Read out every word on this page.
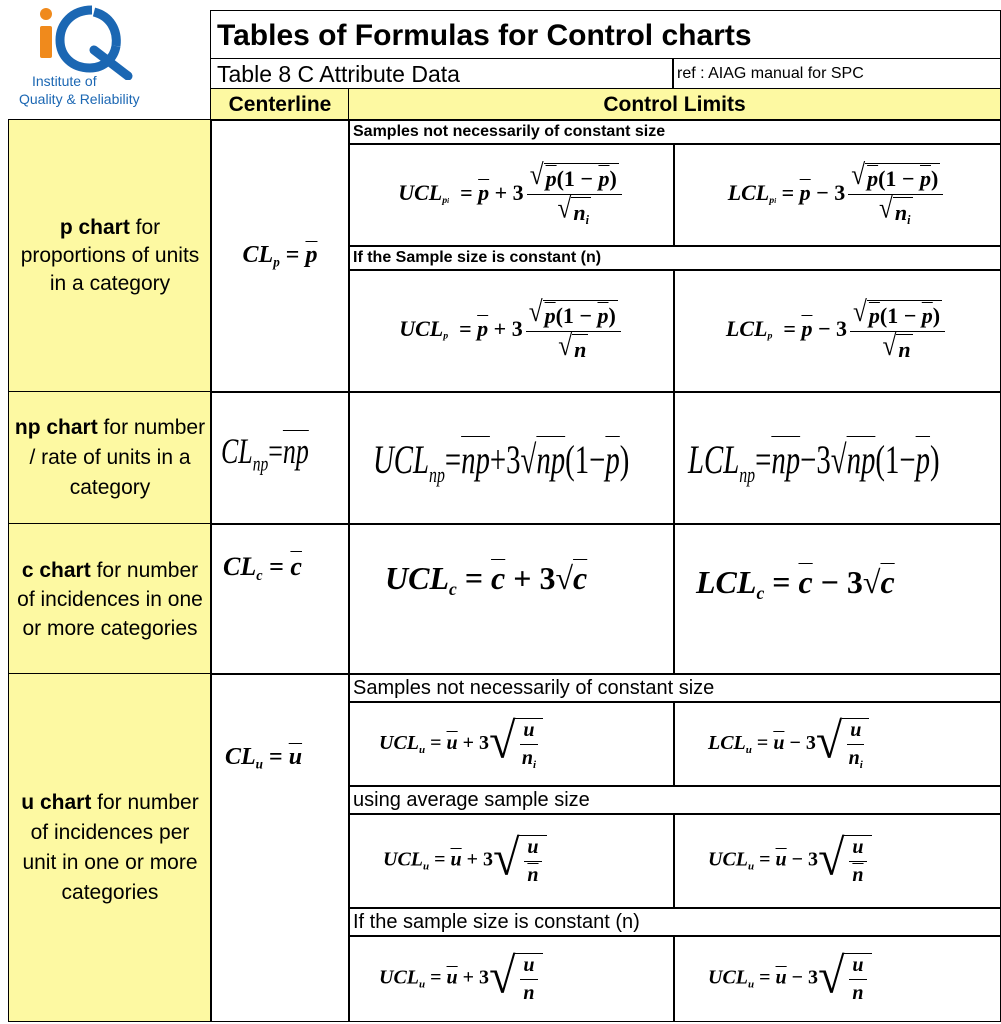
Institute of
Quality & Reliability
Tables of Formulas for Control charts
Table 8 C Attribute Data	ref : AIAG manual for SPC
Centerline	Control Limits
p chart for proportions of units in a category
$CL_p = \overline{p}$
Samples not necessarily of constant size
UCLpi = $\overline{p} + 3 \frac{√ p(1 - \overline{p})}{√ n_i}$	LCLpi = $\overline{p} - 3 \frac{√ p(1 - \overline{p})}{√ n_i}$
If the Sample size is constant (n)
UCLp = $\overline{p} + 3 \frac{√ p(1 - \overline{p})}{√ n}$	LCLp = $\overline{p} - 3 \frac{√ p(1 - \overline{p})}{√ n}$
np chart for number / rate of units in a category
$CL_{np}=\overline{np}$ $UCL_{np}=\overline{np}+3√np(1-\overline{p})$ $LCL_{np}=\overline{np}-3√np(1-\overline{p})$
c chart for number of incidences in one or more categories
$CL_c = \overline{c}$	$UCL_c = \overline{c} + 3√c$	$LCL_c = \overline{c} - 3√c$
u chart for number of incidences per unit in one or more categories
$CL_u = \overline{u}$
Samples not necessarily of constant size
$UCL_u = \overline{u} + 3$ √ $\frac{u}{n_i}$	$LCL_u = \overline{u} - 3$ √ $\frac{u}{n_i}$
using average sample size
$UCL_u = \overline{u} + 3$ √ $\frac{u}{n}$	$UCL_u = \overline{u} - 3$ √ $\frac{u}{n}$
If the sample size is constant (n)
$UCL_u = \overline{u} + 3$ √ $\frac{u}{n}$	$UCL_u = \overline{u} - 3$ √ $\frac{u}{n}$
